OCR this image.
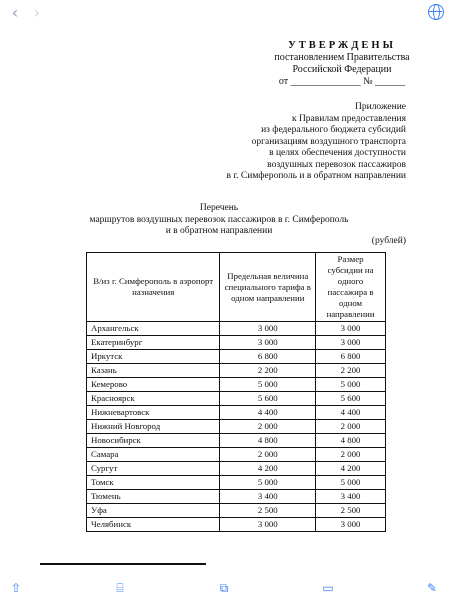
‹ ›
УТВЕРЖДЕНЫ
постановлением Правительства
Российской Федерации
от ______________ № ______
Приложение
к Правилам предоставления
из федерального бюджета субсидий
организациям воздушного транспорта
в целях обеспечения доступности
воздушных перевозок пассажиров
в г. Симферополь и в обратном направлении
Перечень
маршрутов воздушных перевозок пассажиров в г. Симферополь
и в обратном направлении
(рублей)
В/из г. Симферополь в аэропорт назначения	Предельная величина специального тарифа в одном направлении	Размер субсидии на одного пассажира в одном направлении
Архангельск	3 000	3 000
Екатеринбург	3 000	3 000
Иркутск	6 800	6 800
Казань	2 200	2 200
Кемерово	5 000	5 000
Красноярск	5 600	5 600
Нижневартовск	4 400	4 400
Нижний Новгород	2 000	2 000
Новосибирск	4 800	4 800
Самара	2 000	2 000
Сургут	4 200	4 200
Томск	5 000	5 000
Тюмень	3 400	3 400
Уфа	2 500	2 500
Челябинск	3 000	3 000
⇧	⌸	⧉	▭	✎
